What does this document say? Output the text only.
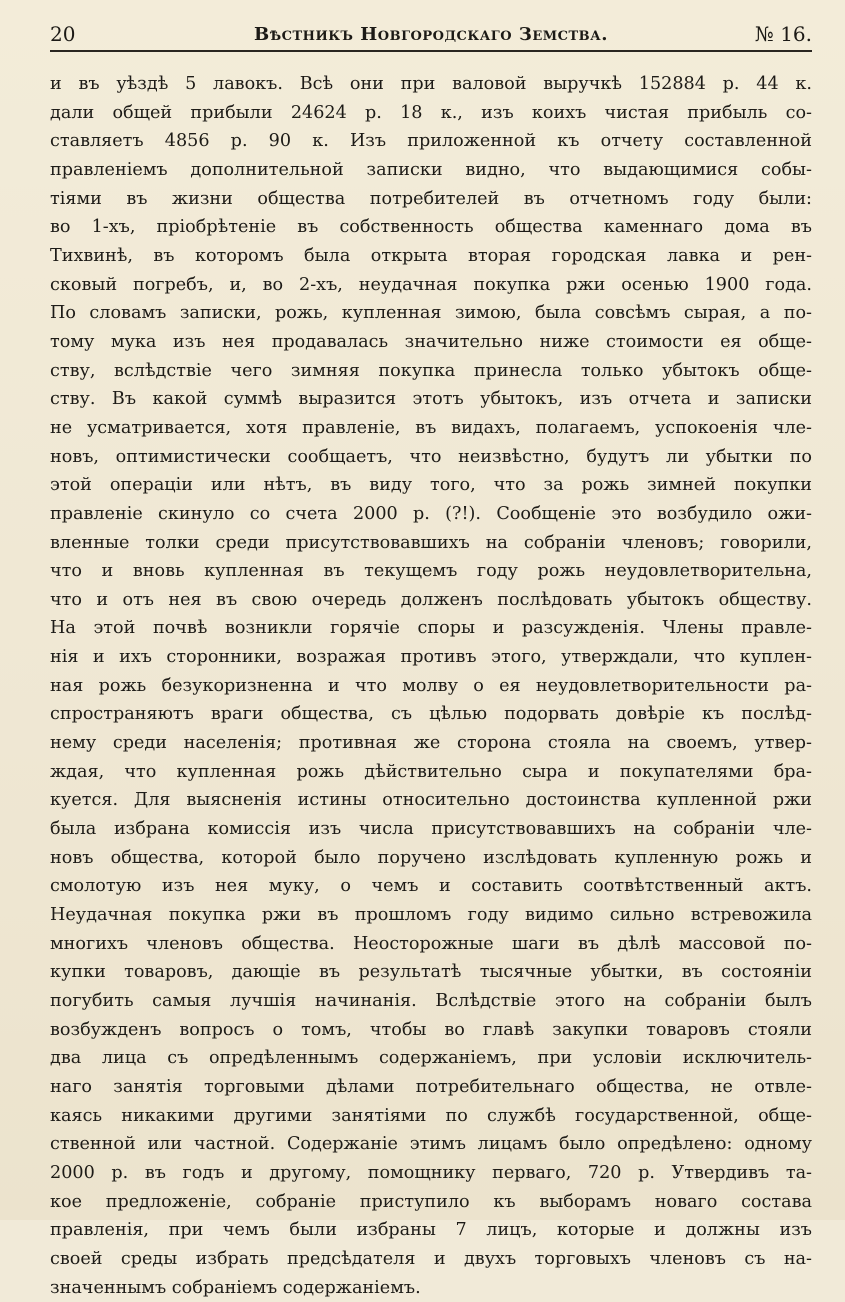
20	Вѣстникъ Новгородскаго Земства.	№ 16.
и въ уѣздѣ 5 лавокъ. Всѣ они при валовой выручкѣ 152884 р. 44 к.
дали общей прибыли 24624 р. 18 к., изъ коихъ чистая прибыль со-
ставляетъ 4856 р. 90 к. Изъ приложенной къ отчету составленной
правленіемъ дополнительной записки видно, что выдающимися собы-
тіями въ жизни общества потребителей въ отчетномъ году были:
во 1-хъ, пріобрѣтеніе въ собственность общества каменнаго дома въ
Тихвинѣ, въ которомъ была открыта вторая городская лавка и рен-
сковый погребъ, и, во 2-хъ, неудачная покупка ржи осенью 1900 года.
По словамъ записки, рожь, купленная зимою, была совсѣмъ сырая, а по-
тому мука изъ нея продавалась значительно ниже стоимости ея обще-
ству, вслѣдствіе чего зимняя покупка принесла только убытокъ обще-
ству. Въ какой суммѣ выразится этотъ убытокъ, изъ отчета и записки
не усматривается, хотя правленіе, въ видахъ, полагаемъ, успокоенія чле-
новъ, оптимистически сообщаетъ, что неизвѣстно, будутъ ли убытки по
этой операціи или нѣтъ, въ виду того, что за рожь зимней покупки
правленіе скинуло со счета 2000 р. (?!). Сообщеніе это возбудило ожи-
вленные толки среди присутствовавшихъ на собраніи членовъ; говорили,
что и вновь купленная въ текущемъ году рожь неудовлетворительна,
что и отъ нея въ свою очередь долженъ послѣдовать убытокъ обществу.
На этой почвѣ возникли горячіе споры и разсужденія. Члены правле-
нія и ихъ сторонники, возражая противъ этого, утверждали, что куплен-
ная рожь безукоризненна и что молву о ея неудовлетворительности ра-
спространяютъ враги общества, съ цѣлью подорвать довѣріе къ послѣд-
нему среди населенія; противная же сторона стояла на своемъ, утвер-
ждая, что купленная рожь дѣйствительно сыра и покупателями бра-
куется. Для выясненія истины относительно достоинства купленной ржи
была избрана комиссія изъ числа присутствовавшихъ на собраніи чле-
новъ общества, которой было поручено изслѣдовать купленную рожь и
смолотую изъ нея муку, о чемъ и составить соотвѣтственный актъ.
Неудачная покупка ржи въ прошломъ году видимо сильно встревожила
многихъ членовъ общества. Неосторожные шаги въ дѣлѣ массовой по-
купки товаровъ, дающіе въ результатѣ тысячные убытки, въ состояніи
погубить самыя лучшія начинанія. Вслѣдствіе этого на собраніи былъ
возбужденъ вопросъ о томъ, чтобы во главѣ закупки товаровъ стояли
два лица съ опредѣленнымъ содержаніемъ, при условіи исключитель-
наго занятія торговыми дѣлами потребительнаго общества, не отвле-
каясь никакими другими занятіями по службѣ государственной, обще-
ственной или частной. Содержаніе этимъ лицамъ было опредѣлено: одному
2000 р. въ годъ и другому, помощнику перваго, 720 р. Утвердивъ та-
кое предложеніе, собраніе приступило къ выборамъ новаго состава
правленія, при чемъ были избраны 7 лицъ, которые и должны изъ
своей среды избрать предсѣдателя и двухъ торговыхъ членовъ съ на-
значеннымъ собраніемъ содержаніемъ.
